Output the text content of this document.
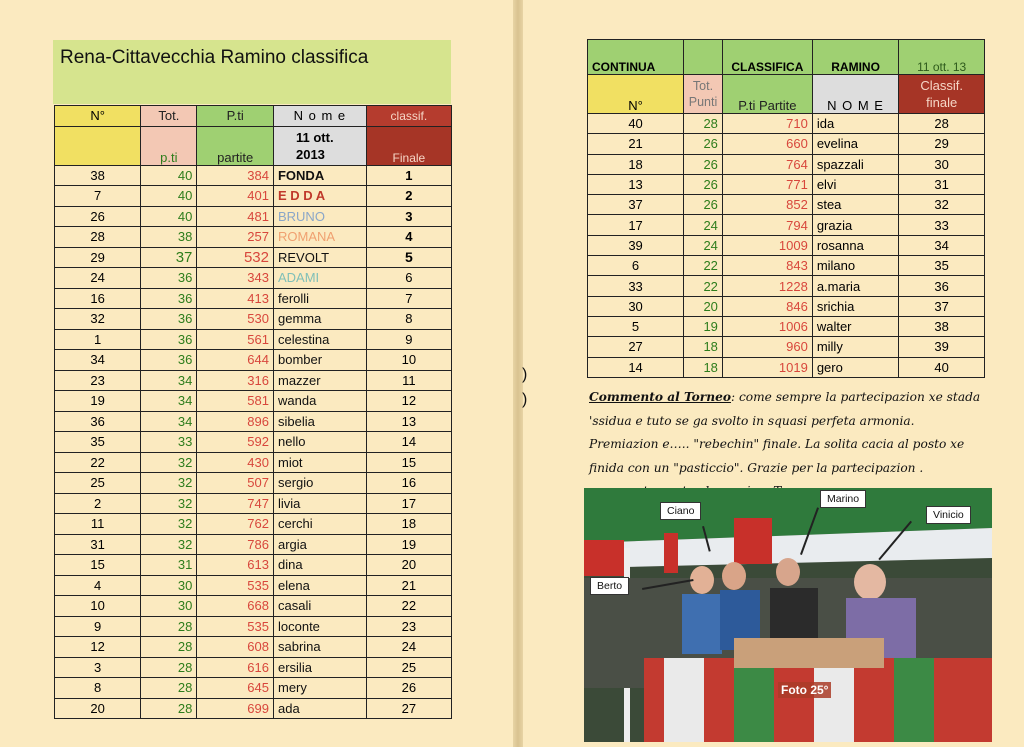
)
)
Rena-Cittavecchia Ramino classifica
N°	Tot.	P.ti	N o m e	classif.
	p.ti	partite	11 ott. 2013	Finale
38	40	384	FONDA	1
7	40	401	E D D A	2
26	40	481	BRUNO	3
28	38	257	ROMANA	4
29	37	532	REVOLT	5
24	36	343	ADAMI	6
16	36	413	ferolli	7
32	36	530	gemma	8
1	36	561	celestina	9
34	36	644	bomber	10
23	34	316	mazzer	11
19	34	581	wanda	12
36	34	896	sibelia	13
35	33	592	nello	14
22	32	430	miot	15
25	32	507	sergio	16
2	32	747	livia	17
11	32	762	cerchi	18
31	32	786	argia	19
15	31	613	dina	20
4	30	535	elena	21
10	30	668	casali	22
9	28	535	loconte	23
12	28	608	sabrina	24
3	28	616	ersilia	25
8	28	645	mery	26
20	28	699	ada	27
CONTINUA		CLASSIFICA	RAMINO	11 ott. 13
N°	Tot. Punti	P.ti Partite	N O M E	Classif. finale
40	28	710	ida	28
21	26	660	evelina	29
18	26	764	spazzali	30
13	26	771	elvi	31
37	26	852	stea	32
17	24	794	grazia	33
39	24	1009	rosanna	34
6	22	843	milano	35
33	22	1228	a.maria	36
30	20	846	srichia	37
5	19	1006	walter	38
27	18	960	milly	39
14	18	1019	gero	40

Commento al Torneo: come sempre la partecipazion xe stada

'ssidua e tuto se ga svolto in squasi perfeta armonia.

Premiazion e….. "rebechin" finale. La solita cacia al posto xe

finida con un "pasticcio". Grazie per la partecipazion .

Ciano
Marino
Vinicio
Berto
Foto 25°
